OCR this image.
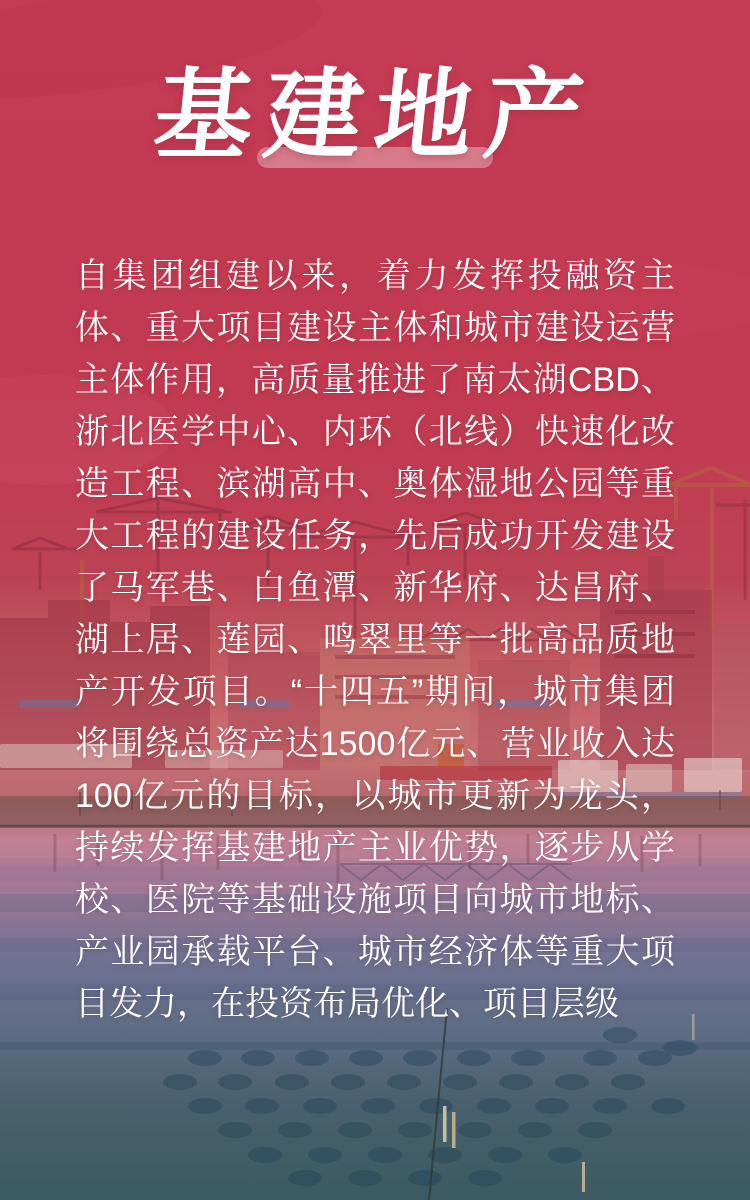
基建地产

自集团组建以来，着力发挥投融资主体、重大项目建设主体和城市建设运营主体作用，高质量推进了南太湖CBD、浙北医学中心、内环（北线）快速化改造工程、滨湖高中、奥体湿地公园等重大工程的建设任务，先后成功开发建设了马军巷、白鱼潭、新华府、达昌府、湖上居、莲园、鸣翠里等一批高品质地产开发项目。“十四五”期间，城市集团将围绕总资产达1500亿元、营业收入达100亿元的目标，以城市更新为龙头，持续发挥基建地产主业优势，逐步从学校、医院等基础设施项目向城市地标、产业园承载平台、城市经济体等重大项目发力，在投资布局优化、项目层级
